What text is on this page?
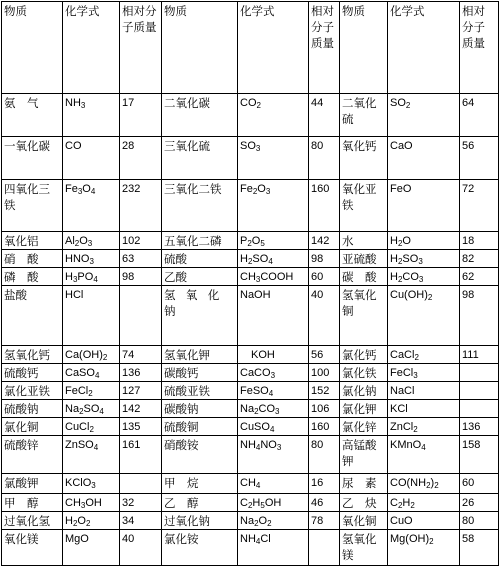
物质	化学式	相对分子质量	物质	化学式	相对分子质量	物质	化学式	相对分子质量
氨　气	$NH_3$	17	二氧化碳	$CO_2$	44	二氧化硫	$SO_2$	64
一氧化碳	CO	28	三氧化硫	$SO_3$	80	氧化钙	CaO	56
四氧化三铁	$Fe_3O_4$	232	三氧化二铁	$Fe_2O_3$	160	氧化亚铁	FeO	72
氧化铝	$Al_2O_3$	102	五氧化二磷	$P_2O_5$	142	水	$H_2O$	18
硝　酸	$HNO_3$	63	硫酸	$H_2SO_4$	98	亚硫酸	$H_2SO_3$	82
磷　酸	$H_3PO_4$	98	乙酸	$CH_3COOH$	60	碳　酸	$H_2CO_3$	62
盐酸	HCl		氢氧化钠	NaOH	40	氢氧化铜	$Cu(OH)_2$	98
氢氧化钙	$Ca(OH)_2$	74	氢氧化钾	　KOH	56	氯化钙	CaCl$_2$	111
硫酸钙	CaSO$_4$	136	碳酸钙	CaCO$_3$	100	氯化铁	FeCl$_3$	
氯化亚铁	FeCl$_2$	127	硫酸亚铁	FeSO$_4$	152	氯化钠	NaCl	
硫酸钠	$Na_2SO_4$	142	碳酸钠	$Na_2CO_3$	106	氯化钾	KCl	
氯化铜	CuCl$_2$	135	硫酸铜	CuSO$_4$	160	氯化锌	ZnCl$_2$	136
硫酸锌	ZnSO$_4$	161	硝酸铵	$NH_4NO_3$	80	高锰酸钾	KMnO$_4$	158
氯酸钾	KClO$_3$		甲　烷	$CH_4$	16	尿　素	$CO(NH_2)_2$	60
甲　醇	$CH_3OH$	32	乙　醇	$C_2H_5OH$	46	乙　炔	$C_2H_2$	26
过氧化氢	$H_2O_2$	34	过氧化钠	$Na_2O_2$	78	氧化铜	CuO	80
氧化镁	MgO	40	氯化铵	$NH_4Cl$		氢氧化镁	$Mg(OH)_2$	58
